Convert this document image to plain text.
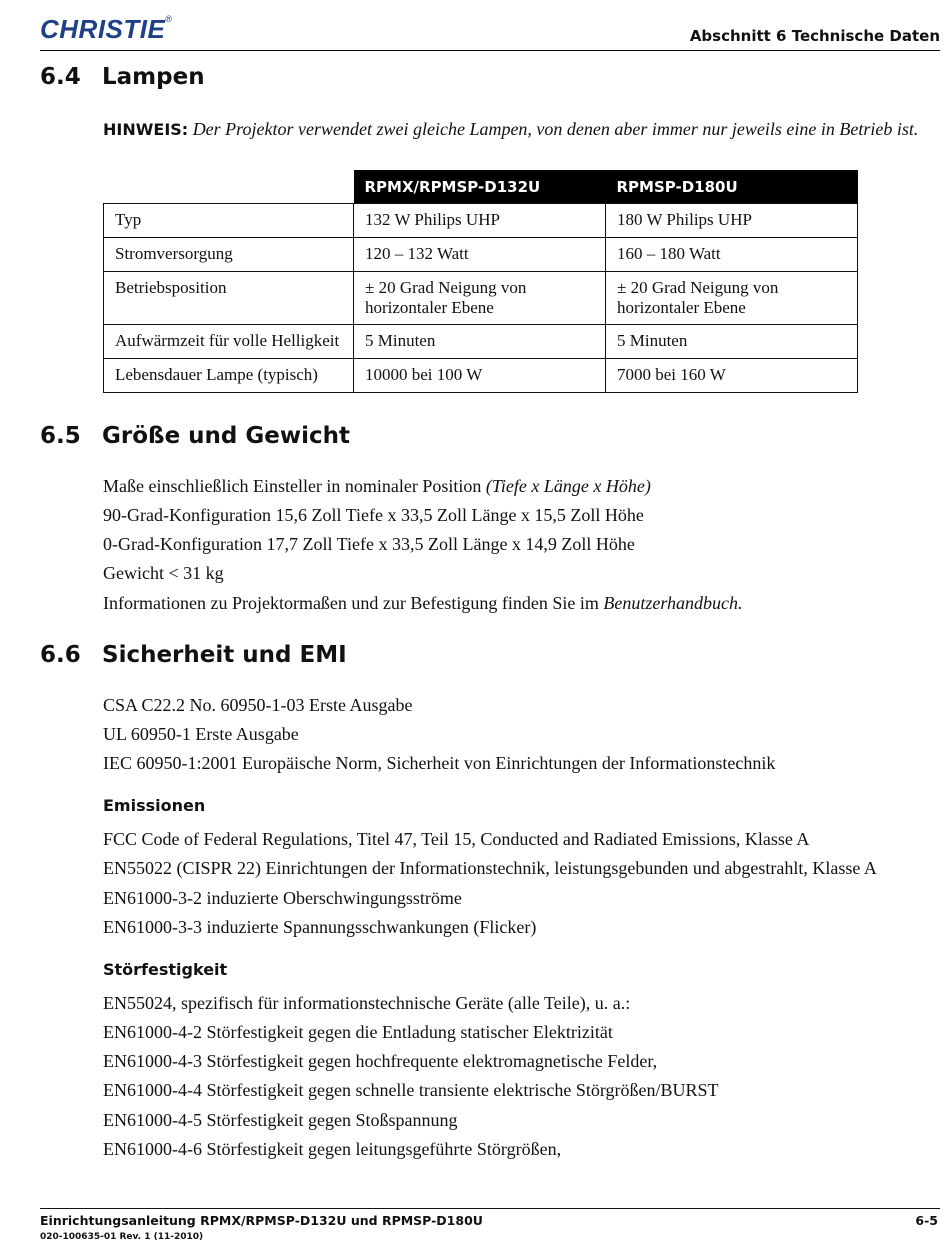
CHRISTIE®
Abschnitt 6 Technische Daten
6.4 Lampen
HINWEIS: Der Projektor verwendet zwei gleiche Lampen, von denen aber immer nur jeweils eine in Betrieb ist.
	RPMX/RPMSP-D132U	RPMSP-D180U
Typ	132 W Philips UHP	180 W Philips UHP
Stromversorgung	120 – 132 Watt	160 – 180 Watt
Betriebsposition	± 20 Grad Neigung von horizontaler Ebene	± 20 Grad Neigung von horizontaler Ebene
Aufwärmzeit für volle Helligkeit	5 Minuten	5 Minuten
Lebensdauer Lampe (typisch)	10000 bei 100 W	7000 bei 160 W
6.5 Größe und Gewicht
Maße einschließlich Einsteller in nominaler Position (Tiefe x Länge x Höhe)
90-Grad-Konfiguration 15,6 Zoll Tiefe x 33,5 Zoll Länge x 15,5 Zoll Höhe
0-Grad-Konfiguration 17,7 Zoll Tiefe x 33,5 Zoll Länge x 14,9 Zoll Höhe
Gewicht < 31 kg
Informationen zu Projektormaßen und zur Befestigung finden Sie im Benutzerhandbuch.
6.6 Sicherheit und EMI
CSA C22.2 No. 60950-1-03 Erste Ausgabe
UL 60950-1 Erste Ausgabe
IEC 60950-1:2001 Europäische Norm, Sicherheit von Einrichtungen der Informationstechnik
Emissionen
FCC Code of Federal Regulations, Titel 47, Teil 15, Conducted and Radiated Emissions, Klasse A
EN55022 (CISPR 22) Einrichtungen der Informationstechnik, leistungsgebunden und abgestrahlt, Klasse A
EN61000-3-2 induzierte Oberschwingungsströme
EN61000-3-3 induzierte Spannungsschwankungen (Flicker)
Störfestigkeit
EN55024, spezifisch für informationstechnische Geräte (alle Teile), u. a.:
EN61000-4-2 Störfestigkeit gegen die Entladung statischer Elektrizität
EN61000-4-3 Störfestigkeit gegen hochfrequente elektromagnetische Felder,
EN61000-4-4 Störfestigkeit gegen schnelle transiente elektrische Störgrößen/BURST
EN61000-4-5 Störfestigkeit gegen Stoßspannung
EN61000-4-6 Störfestigkeit gegen leitungsgeführte Störgrößen,
Einrichtungsanleitung RPMX/RPMSP-D132U und RPMSP-D180U	6-5
020-100635-01 Rev. 1 (11-2010)
